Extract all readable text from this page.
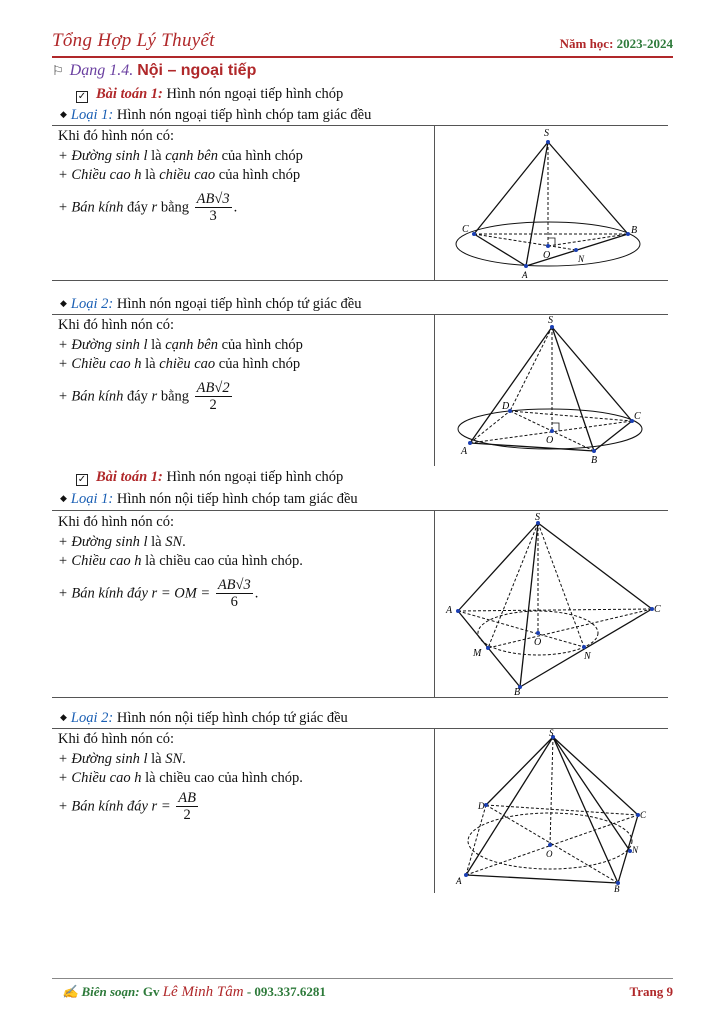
Tổng Hợp Lý Thuyết	Năm học: 2023-2024
⚐ Dạng 1.4. Nội – ngoại tiếp
✓ Bài toán 1: Hình nón ngoại tiếp hình chóp
◆ Loại 1: Hình nón ngoại tiếp hình chóp tam giác đều
Khi đó hình nón có:
+ Đường sinh l là cạnh bên của hình chóp
+ Chiều cao h là chiều cao của hình chóp
+ Bán kính đáy r bằng $\frac{AB√3}{3}$ .
S
C	B
O	N
A
◆ Loại 2: Hình nón ngoại tiếp hình chóp tứ giác đều
Khi đó hình nón có:
+ Đường sinh l là cạnh bên của hình chóp
+ Chiều cao h là chiều cao của hình chóp
+ Bán kính đáy r bằng $\frac{AB√2}{2}$
S
D
C
O
A
B
✓ Bài toán 1: Hình nón ngoại tiếp hình chóp
◆ Loại 1: Hình nón nội tiếp hình chóp tam giác đều
Khi đó hình nón có:
+ Đường sinh l là SN.
+ Chiều cao h là chiều cao của hình chóp.
+ Bán kính đáy r = OM = $\frac{AB√3}{6}$ .
S
A	C
O
M	N
B
◆ Loại 2: Hình nón nội tiếp hình chóp tứ giác đều
Khi đó hình nón có:
+ Đường sinh l là SN.
+ Chiều cao h là chiều cao của hình chóp.
+ Bán kính đáy $r = \frac{AB}{2}$
S
D
C
N
O
A
B
✍ Biên soạn: Gv Lê Minh Tâm - 093.337.6281	Trang 9
